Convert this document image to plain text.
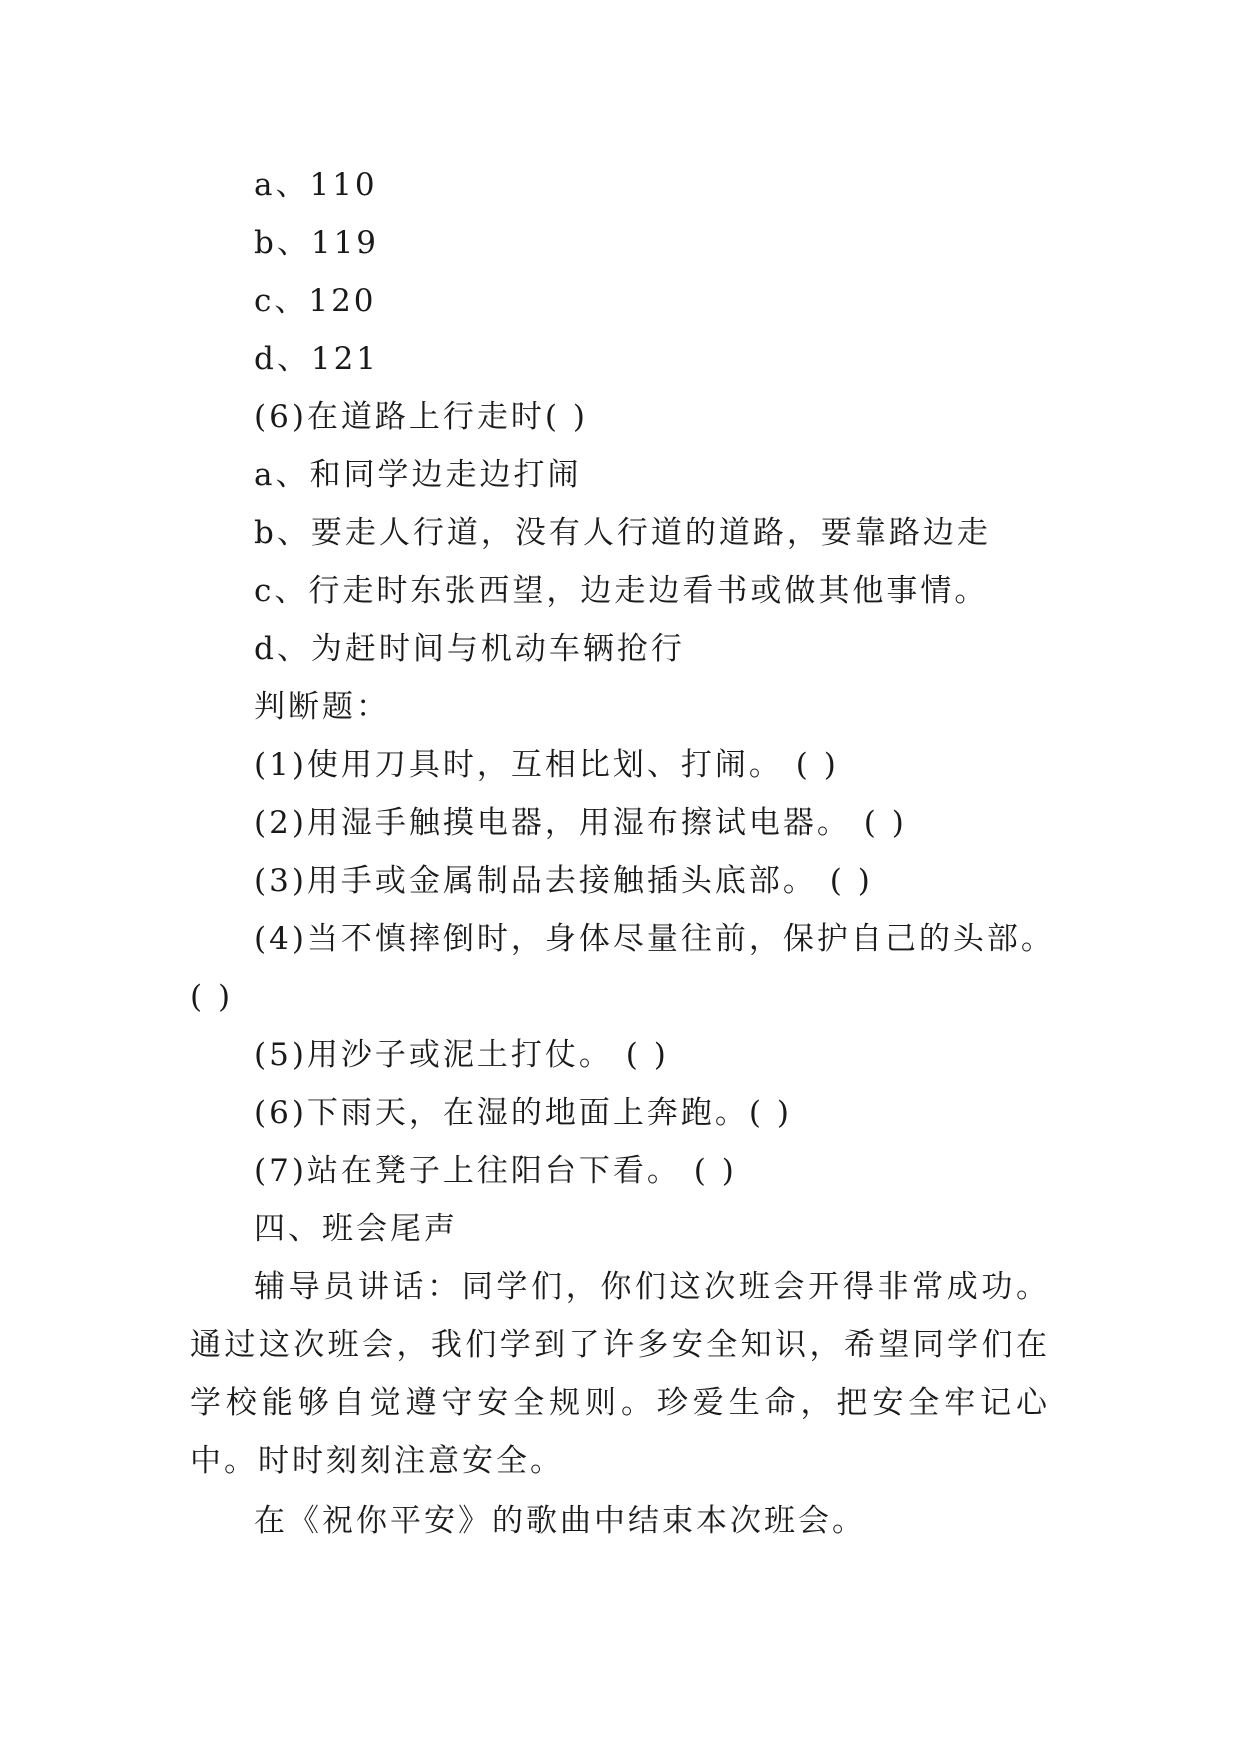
a、110
b、119
c、120
d、121
(6)在道路上行走时( )
a、和同学边走边打闹
b、要走人行道，没有人行道的道路，要靠路边走
c、行走时东张西望，边走边看书或做其他事情。
d、为赶时间与机动车辆抢行
判断题：
(1)使用刀具时，互相比划、打闹。 ( )
(2)用湿手触摸电器，用湿布擦试电器。 ( )
(3)用手或金属制品去接触插头底部。 ( )
(4)当不慎摔倒时，身体尽量往前，保护自己的头部。
( )
(5)用沙子或泥土打仗。 ( )
(6)下雨天，在湿的地面上奔跑。( )
(7)站在凳子上往阳台下看。 ( )
四、班会尾声
辅导员讲话：同学们，你们这次班会开得非常成功。通过这次班会，我们学到了许多安全知识，希望同学们在学校能够自觉遵守安全规则。珍爱生命，把安全牢记心中。时时刻刻注意安全。
在《祝你平安》的歌曲中结束本次班会。
